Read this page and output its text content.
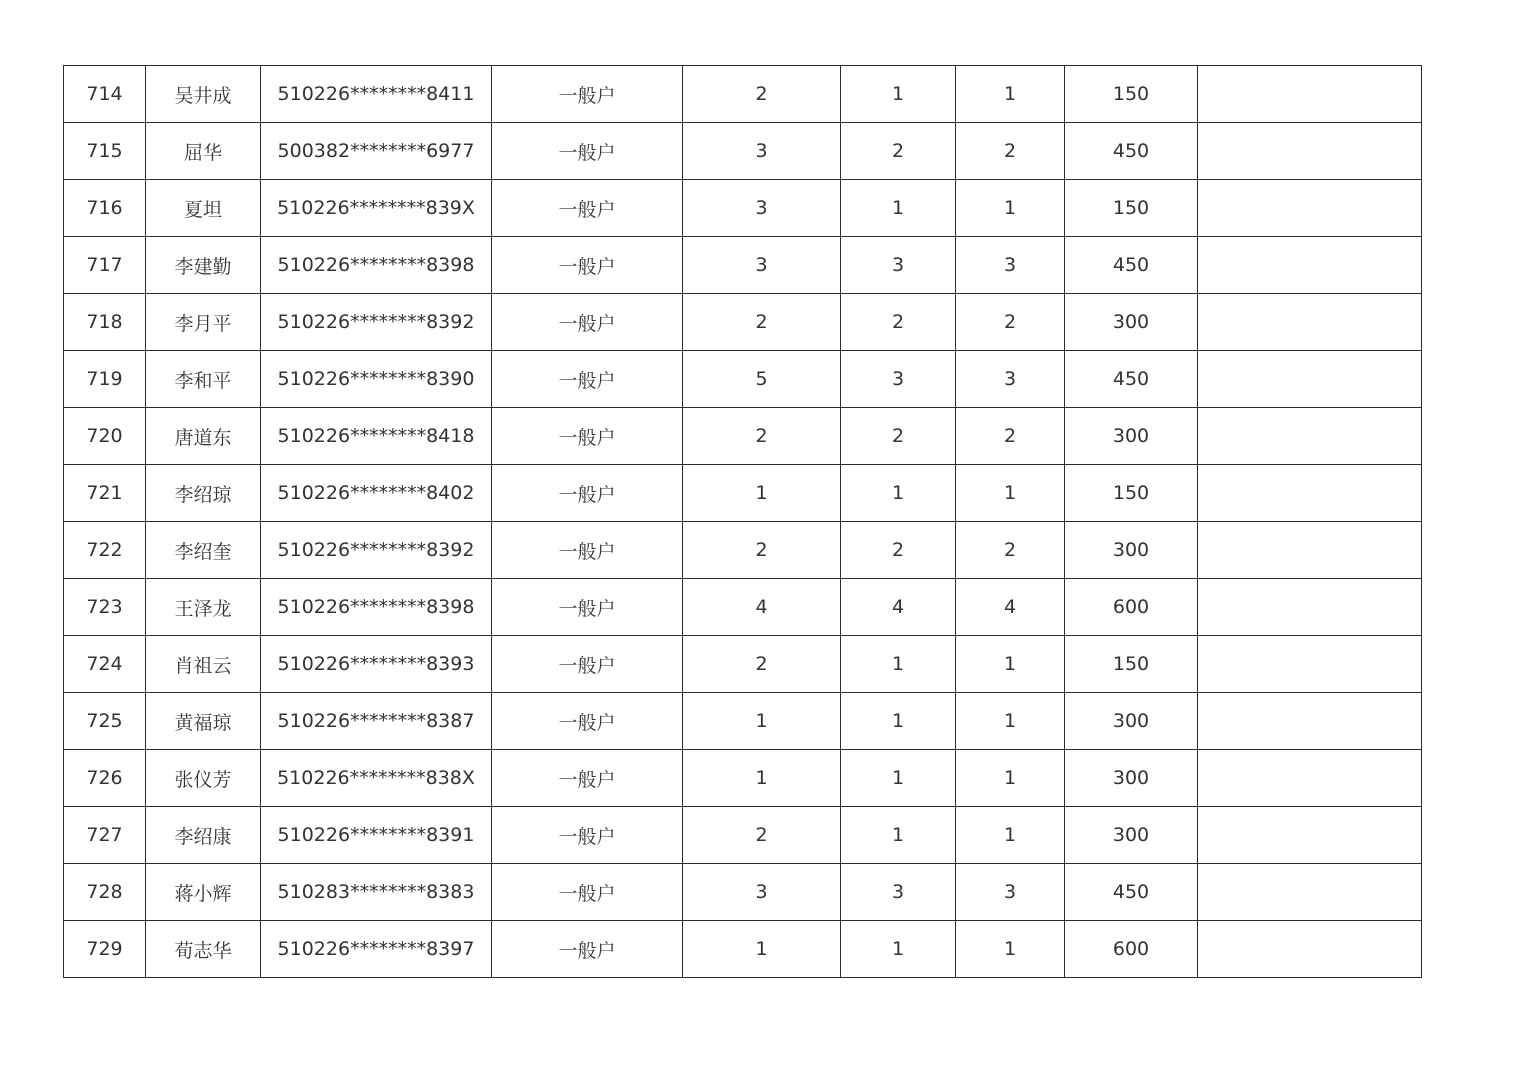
714	吴井成	510226********8411	一般户	2	1	1	150	
715	屈华	500382********6977	一般户	3	2	2	450	
716	夏坦	510226********839X	一般户	3	1	1	150	
717	李建勤	510226********8398	一般户	3	3	3	450	
718	李月平	510226********8392	一般户	2	2	2	300	
719	李和平	510226********8390	一般户	5	3	3	450	
720	唐道东	510226********8418	一般户	2	2	2	300	
721	李绍琼	510226********8402	一般户	1	1	1	150	
722	李绍奎	510226********8392	一般户	2	2	2	300	
723	王泽龙	510226********8398	一般户	4	4	4	600	
724	肖祖云	510226********8393	一般户	2	1	1	150	
725	黄福琼	510226********8387	一般户	1	1	1	300	
726	张仪芳	510226********838X	一般户	1	1	1	300	
727	李绍康	510226********8391	一般户	2	1	1	300	
728	蒋小辉	510283********8383	一般户	3	3	3	450	
729	荀志华	510226********8397	一般户	1	1	1	600	
